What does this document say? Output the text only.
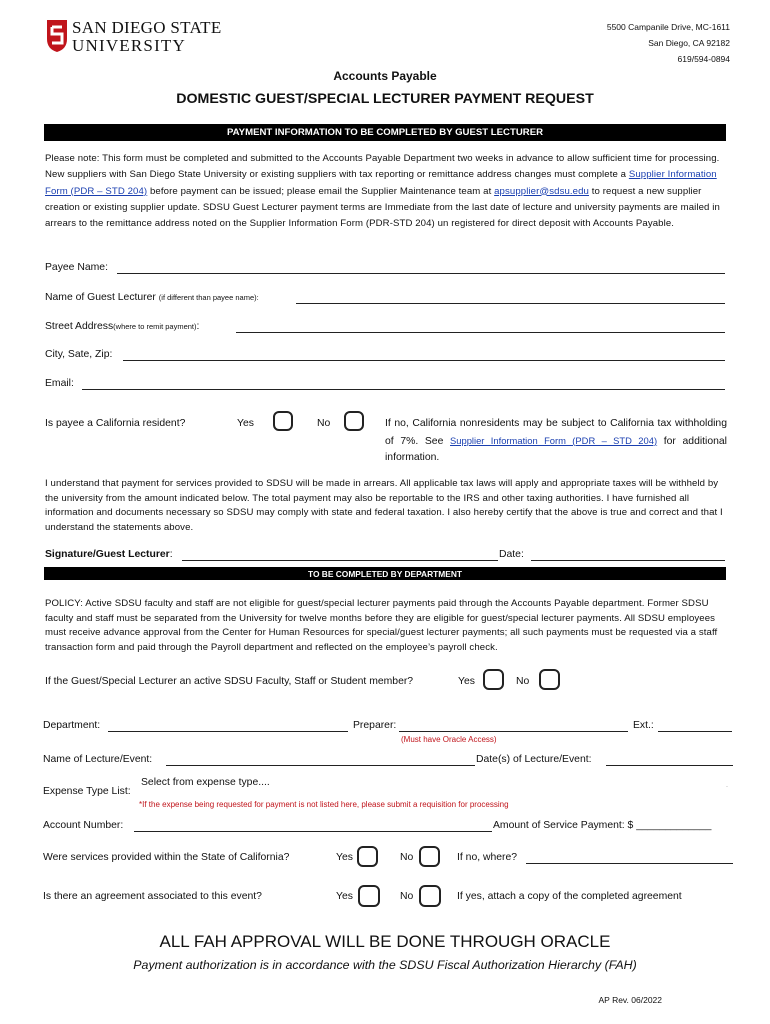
SAN DIEGO STATE
UNIVERSITY
5500 Campanile Drive, MC-1611
San Diego, CA 92182
619/594-0894
Accounts Payable
DOMESTIC GUEST/SPECIAL LECTURER PAYMENT REQUEST
PAYMENT INFORMATION TO BE COMPLETED BY GUEST LECTURER
Please note: This form must be completed and submitted to the Accounts Payable Department two weeks in advance to allow sufficient time for processing. New suppliers with San Diego State University or existing suppliers with tax reporting or remittance address changes must complete a Supplier Information Form (PDR – STD 204) before payment can be issued; please email the Supplier Maintenance team at apsupplier@sdsu.edu to request a new supplier creation or existing supplier update. SDSU Guest Lecturer payment terms are Immediate from the last date of lecture and university payments are mailed in arrears to the remittance address noted on the Supplier Information Form (PDR-STD 204) un registered for direct deposit with Accounts Payable.
Payee Name:
Name of Guest Lecturer (if different than payee name):
Street Address(where to remit payment):
City, Sate, Zip:
Email:
Is payee a California resident?	Yes	No	If no, California nonresidents may be subject to California tax withholding of 7%. See Supplier Information Form (PDR – STD 204) for additional information.
I understand that payment for services provided to SDSU will be made in arrears. All applicable tax laws will apply and appropriate taxes will be withheld by the university from the amount indicated below. The total payment may also be reportable to the IRS and other taxing authorities. I have furnished all information and documents necessary so SDSU may comply with state and federal taxation. I also hereby certify that the above is true and correct and that I understand the statements above.
Signature/Guest Lecturer:	Date:
TO BE COMPLETED BY DEPARTMENT
POLICY: Active SDSU faculty and staff are not eligible for guest/special lecturer payments paid through the Accounts Payable department. Former SDSU faculty and staff must be separated from the University for twelve months before they are eligible for guest/special lecturer payments. All SDSU employees must receive advance approval from the Center for Human Resources for special/guest lecturer payments; all such payments must be requested via a staff transaction form and paid through the Payroll department and reflected on the employee’s payroll check.
If the Guest/Special Lecturer an active SDSU Faculty, Staff or Student member?	Yes	No
Department:	Preparer:	Ext.:
(Must have Oracle Access)
Name of Lecture/Event:	Date(s) of Lecture/Event:
Expense Type List:
Select from expense type....	·
*If the expense being requested for payment is not listed here, please submit a requisition for processing
Account Number:	Amount of Service Payment: $ _____________
Were services provided within the State of California?	Yes	No	If no, where?
Is there an agreement associated to this event?	Yes	No	If yes, attach a copy of the completed agreement
ALL FAH APPROVAL WILL BE DONE THROUGH ORACLE
Payment authorization is in accordance with the SDSU Fiscal Authorization Hierarchy (FAH)
AP Rev. 06/2022
